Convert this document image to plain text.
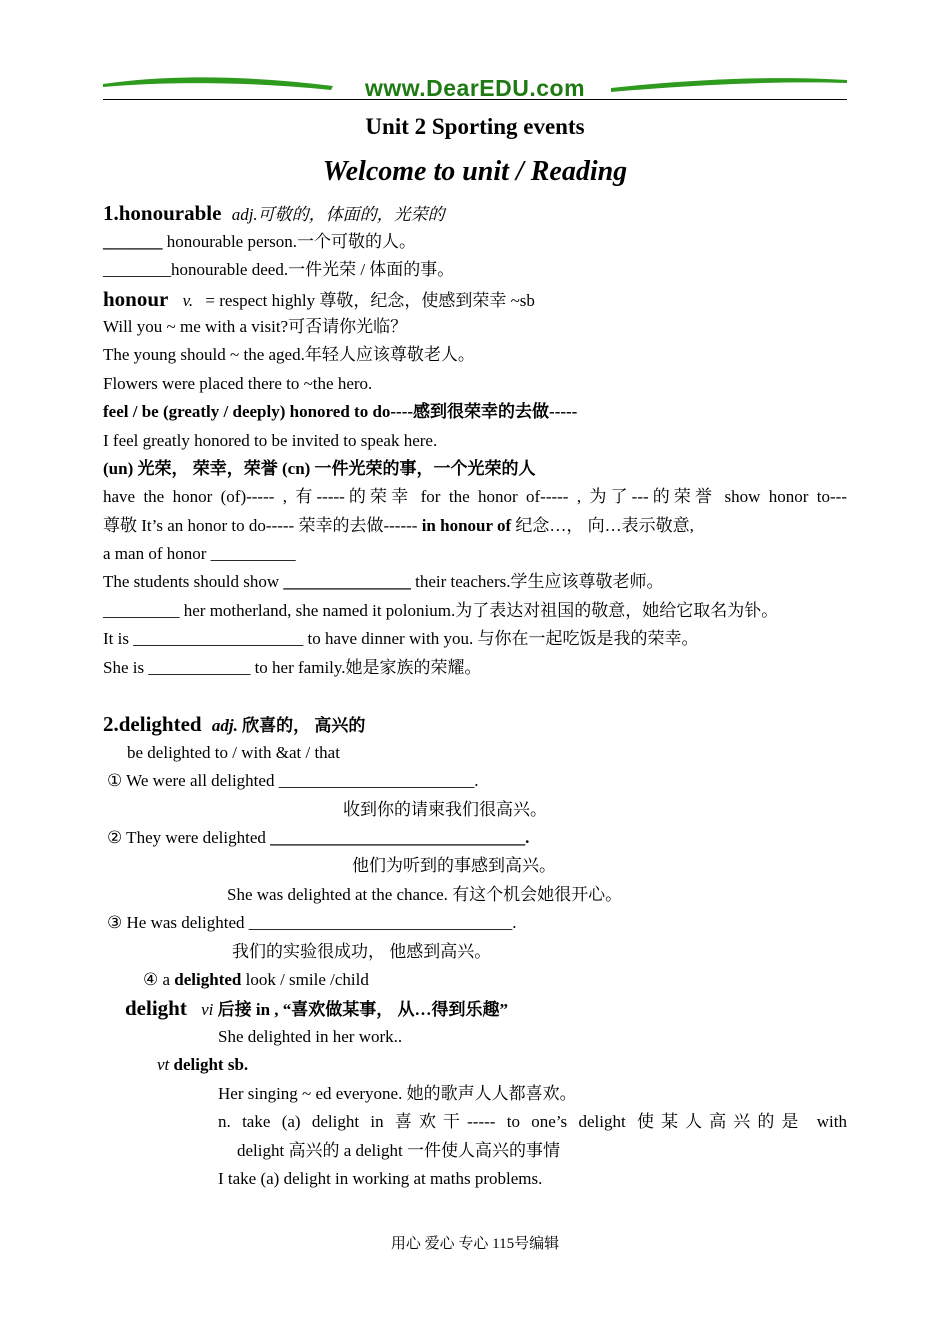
www.DearEDU.com
Unit 2 Sporting events
Welcome to unit / Reading
1.honourable adj.可敬的，体面的，光荣的
_______ honourable person.一个可敬的人。
________honourable deed.一件光荣 / 体面的事。
honour v. = respect highly 尊敬，纪念，使感到荣幸 ~sb
Will you ~ me with a visit?可否请你光临？
The young should ~ the aged.年轻人应该尊敬老人。
Flowers were placed there to ~the hero.
feel / be (greatly / deeply) honored to do----感到很荣幸的去做-----
I feel greatly honored to be invited to speak here.
(un) 光荣， 荣幸，荣誉 (cn) 一件光荣的事，一个光荣的人
have the honor (of)----- , 有-----的荣幸 for the honor of----- , 为了---的荣誉 show honor to---
尊敬 It’s an honor to do----- 荣幸的去做------ in honour of 纪念…， 向…表示敬意,
a man of honor __________
The students should show _______________ their teachers.学生应该尊敬老师。
_________ her motherland, she named it polonium.为了表达对祖国的敬意，她给它取名为钋。
It is ____________________ to have dinner with you. 与你在一起吃饭是我的荣幸。
She is ____________ to her family.她是家族的荣耀。
2.delighted adj. 欣喜的， 高兴的
be delighted to / with &at / that
① We were all delighted _______________________.
收到你的请柬我们很高兴。
② They were delighted ______________________________.
他们为听到的事感到高兴。
She was delighted at the chance. 有这个机会她很开心。
③ He was delighted _______________________________.
我们的实验很成功， 他感到高兴。
④ a delighted look / smile /child
delight vi 后接 in , “喜欢做某事， 从…得到乐趣”
She delighted in her work..
vt delight sb.
Her singing ~ ed everyone. 她的歌声人人都喜欢。
n. take (a) delight in 喜欢干----- to one’s delight 使某人高兴的是 with
delight 高兴的 a delight 一件使人高兴的事情
I take (a) delight in working at maths problems.
用心 爱心 专心 115号编辑
